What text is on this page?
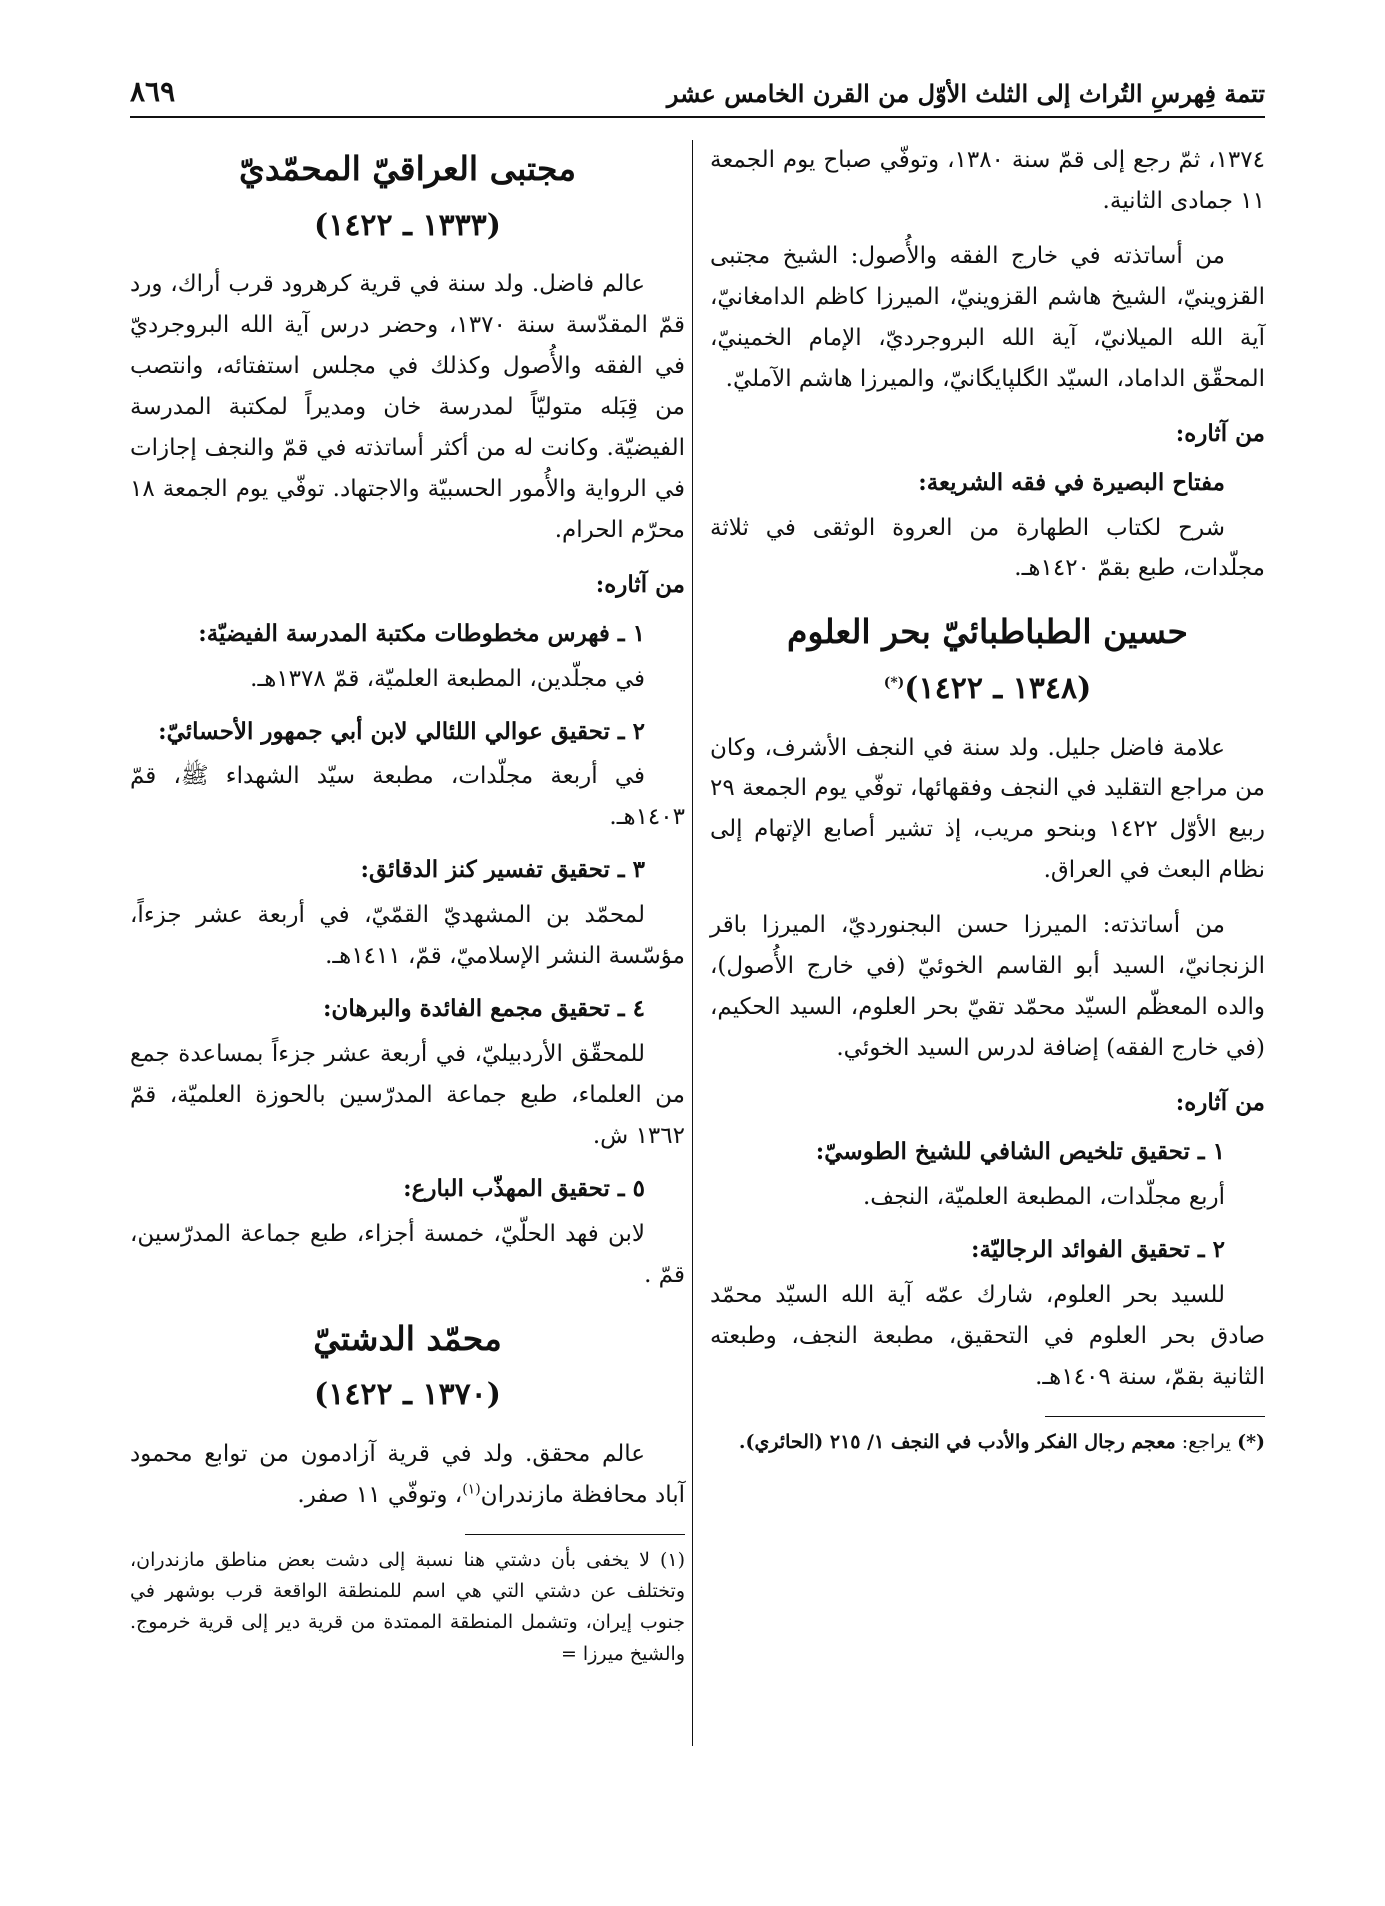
تتمة فِهرسِ التُراث إلى الثلث الأوّل من القرن الخامس عشر
٨٦٩

١٣٧٤، ثمّ رجع إلى قمّ سنة ١٣٨٠، وتوفّي صباح يوم الجمعة ١١ جمادى الثانية.

من أساتذته في خارج الفقه والأُصول: الشيخ مجتبى القزوينيّ، الشيخ هاشم القزوينيّ، الميرزا كاظم الدامغانيّ، آية الله الميلانيّ، آية الله البروجرديّ، الإمام الخمينيّ، المحقّق الداماد، السيّد الگلپايگانيّ، والميرزا هاشم الآمليّ.

من آثاره:
مفتاح البصيرة في فقه الشريعة:

شرح لكتاب الطهارة من العروة الوثقى في ثلاثة مجلّدات، طبع بقمّ ١٤٢٠هـ.

حسين الطباطبائيّ بحر العلوم
(١٣٤٨ ـ ١٤٢٢)(*)

علامة فاضل جليل. ولد سنة في النجف الأشرف، وكان من مراجع التقليد في النجف وفقهائها، توفّي يوم الجمعة ٢٩ ربيع الأوّل ١٤٢٢ وبنحو مريب، إذ تشير أصابع الإتهام إلى نظام البعث في العراق.

من أساتذته: الميرزا حسن البجنورديّ، الميرزا باقر الزنجانيّ، السيد أبو القاسم الخوئيّ (في خارج الأُصول)، والده المعظّم السيّد محمّد تقيّ بحر العلوم، السيد الحكيم، (في خارج الفقه) إضافة لدرس السيد الخوئي.

من آثاره:
١ ـ تحقيق تلخيص الشافي للشيخ الطوسيّ:

أربع مجلّدات، المطبعة العلميّة، النجف.

٢ ـ تحقيق الفوائد الرجاليّة:

للسيد بحر العلوم، شارك عمّه آية الله السيّد محمّد صادق بحر العلوم في التحقيق، مطبعة النجف، وطبعته الثانية بقمّ، سنة ١٤٠٩هـ.

(*) يراجع: معجم رجال الفكر والأدب في النجف ١/ ٢١٥ (الحائري).

مجتبى العراقيّ المحمّديّ
(١٣٣٣ ـ ١٤٢٢)

عالم فاضل. ولد سنة في قرية كرهرود قرب أراك، ورد قمّ المقدّسة سنة ١٣٧٠، وحضر درس آية الله البروجرديّ في الفقه والأُصول وكذلك في مجلس استفتائه، وانتصب من قِبَله متوليّاً لمدرسة خان ومديراً لمكتبة المدرسة الفيضيّة. وكانت له من أكثر أساتذته في قمّ والنجف إجازات في الرواية والأُمور الحسبيّة والاجتهاد. توفّي يوم الجمعة ١٨ محرّم الحرام.

من آثاره:
١ ـ فهرس مخطوطات مكتبة المدرسة الفيضيّة:

في مجلّدين، المطبعة العلميّة، قمّ ١٣٧٨هـ.

٢ ـ تحقيق عوالي اللئالي لابن أبي جمهور الأحسائيّ:

في أربعة مجلّدات، مطبعة سيّد الشهداء ﷺ، قمّ ١٤٠٣هـ.

٣ ـ تحقيق تفسير كنز الدقائق:

لمحمّد بن المشهديّ القمّيّ، في أربعة عشر جزءاً، مؤسّسة النشر الإسلاميّ، قمّ، ١٤١١هـ.

٤ ـ تحقيق مجمع الفائدة والبرهان:

للمحقّق الأردبيليّ، في أربعة عشر جزءاً بمساعدة جمع من العلماء، طبع جماعة المدرّسين بالحوزة العلميّة، قمّ ١٣٦٢ ش.

٥ ـ تحقيق المهذّب البارع:

لابن فهد الحلّيّ، خمسة أجزاء، طبع جماعة المدرّسين، قمّ .

محمّد الدشتيّ
(١٣٧٠ ـ ١٤٢٢)

عالم محقق. ولد في قرية آزادمون من توابع محمود آباد محافظة مازندران$^{(١)}$، وتوفّي ١١ صفر.

(١) لا يخفى بأن دشتي هنا نسبة إلى دشت بعض مناطق مازندران، وتختلف عن دشتي التي هي اسم للمنطقة الواقعة قرب بوشهر في جنوب إيران، وتشمل المنطقة الممتدة من قرية دير إلى قرية خرموج. والشيخ ميرزا =
